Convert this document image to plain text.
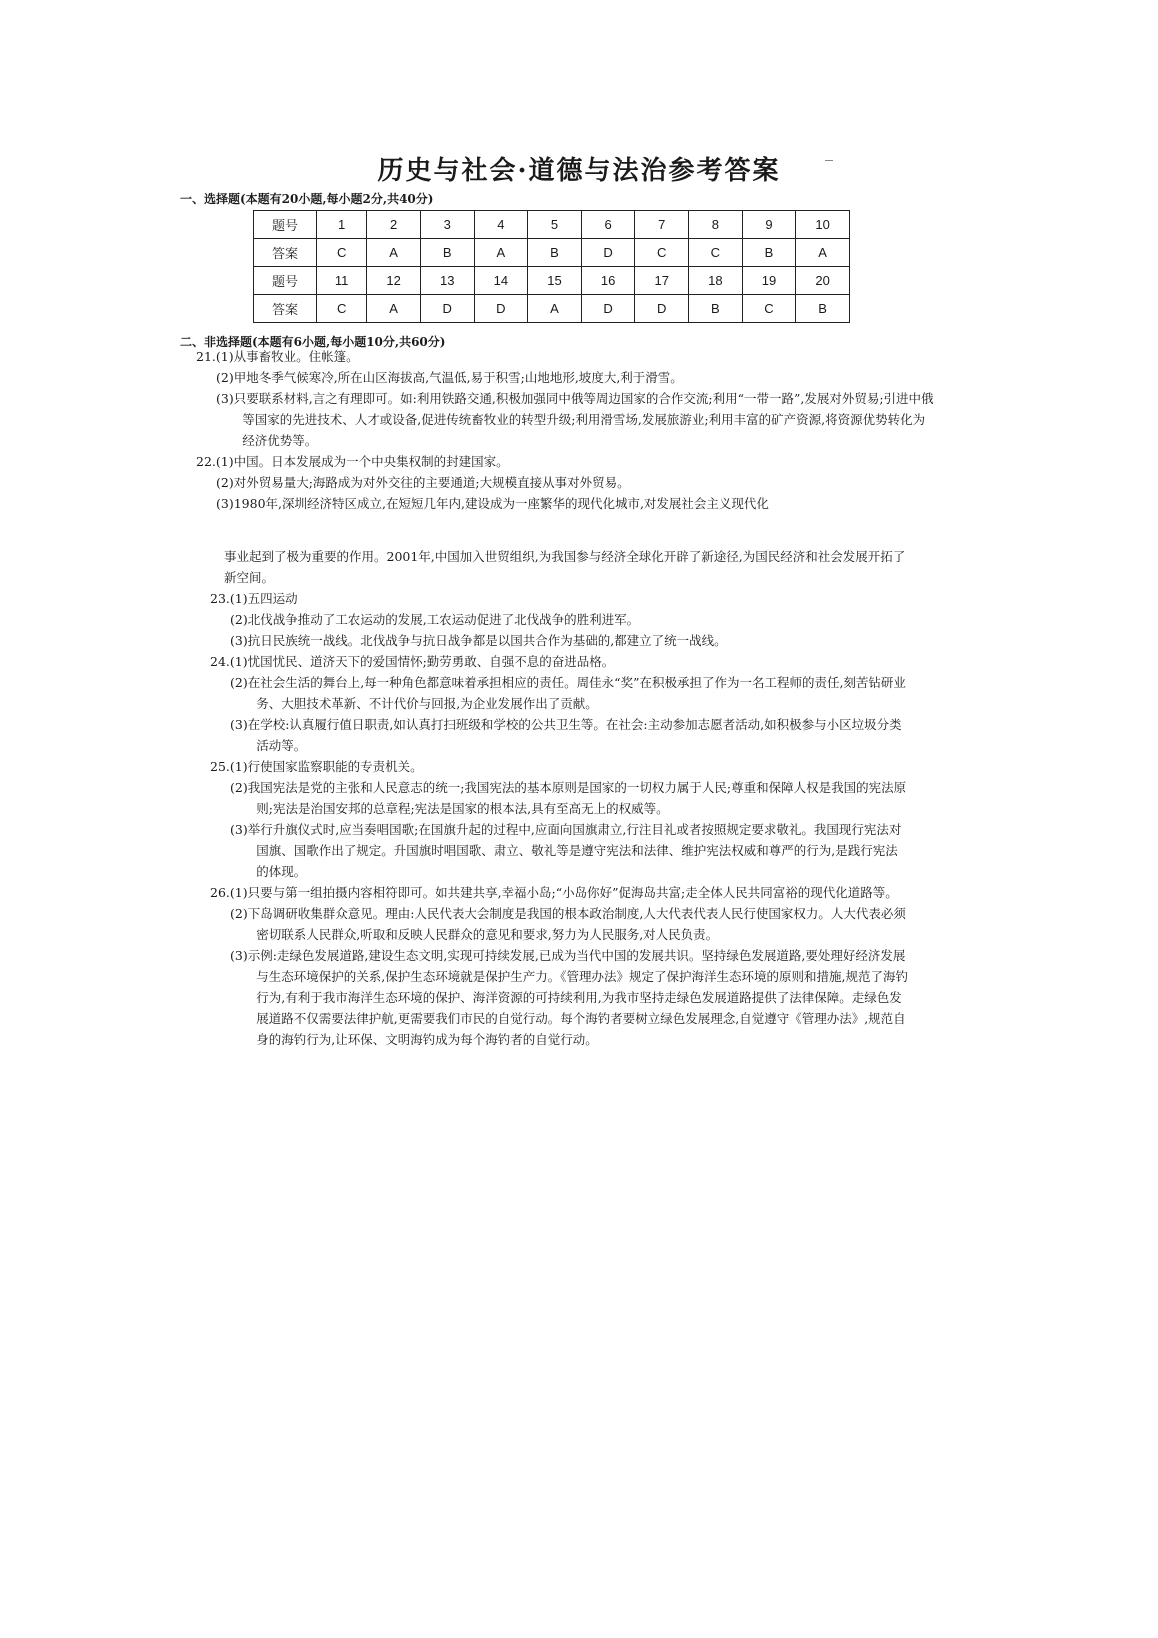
历史与社会·道德与法治参考答案
一、选择题(本题有20小题,每小题2分,共40分)
题号	1	2	3	4	5	6	7	8	9	10
答案	C	A	B	A	B	D	C	C	B	A
题号	11	12	13	14	15	16	17	18	19	20
答案	C	A	D	D	A	D	D	B	C	B
二、非选择题(本题有6小题,每小题10分,共60分)

21.(1)从事畜牧业。住帐篷。

(2)甲地冬季气候寒冷,所在山区海拔高,气温低,易于积雪;山地地形,坡度大,利于滑雪。

(3)只要联系材料,言之有理即可。如:利用铁路交通,积极加强同中俄等周边国家的合作交流;利用“一带一路”,发展对外贸易;引进中俄等国家的先进技术、人才或设备,促进传统畜牧业的转型升级;利用滑雪场,发展旅游业;利用丰富的矿产资源,将资源优势转化为经济优势等。

22.(1)中国。日本发展成为一个中央集权制的封建国家。

(2)对外贸易量大;海路成为对外交往的主要通道;大规模直接从事对外贸易。

(3)1980年,深圳经济特区成立,在短短几年内,建设成为一座繁华的现代化城市,对发展社会主义现代化

事业起到了极为重要的作用。2001年,中国加入世贸组织,为我国参与经济全球化开辟了新途径,为国民经济和社会发展开拓了新空间。

23.(1)五四运动

(2)北伐战争推动了工农运动的发展,工农运动促进了北伐战争的胜利进军。

(3)抗日民族统一战线。北伐战争与抗日战争都是以国共合作为基础的,都建立了统一战线。

24.(1)忧国忧民、道济天下的爱国情怀;勤劳勇敢、自强不息的奋进品格。

(2)在社会生活的舞台上,每一种角色都意味着承担相应的责任。周佳永“奖”在积极承担了作为一名工程师的责任,刻苦钻研业务、大胆技术革新、不计代价与回报,为企业发展作出了贡献。

(3)在学校:认真履行值日职责,如认真打扫班级和学校的公共卫生等。在社会:主动参加志愿者活动,如积极参与小区垃圾分类活动等。

25.(1)行使国家监察职能的专责机关。

(2)我国宪法是党的主张和人民意志的统一;我国宪法的基本原则是国家的一切权力属于人民;尊重和保障人权是我国的宪法原则;宪法是治国安邦的总章程;宪法是国家的根本法,具有至高无上的权威等。

(3)举行升旗仪式时,应当奏唱国歌;在国旗升起的过程中,应面向国旗肃立,行注目礼或者按照规定要求敬礼。我国现行宪法对国旗、国歌作出了规定。升国旗时唱国歌、肃立、敬礼等是遵守宪法和法律、维护宪法权威和尊严的行为,是践行宪法的体现。

26.(1)只要与第一组拍摄内容相符即可。如共建共享,幸福小岛;“小岛你好”促海岛共富;走全体人民共同富裕的现代化道路等。

(2)下岛调研收集群众意见。理由:人民代表大会制度是我国的根本政治制度,人大代表代表人民行使国家权力。人大代表必须密切联系人民群众,听取和反映人民群众的意见和要求,努力为人民服务,对人民负责。

(3)示例:走绿色发展道路,建设生态文明,实现可持续发展,已成为当代中国的发展共识。坚持绿色发展道路,要处理好经济发展与生态环境保护的关系,保护生态环境就是保护生产力。《管理办法》规定了保护海洋生态环境的原则和措施,规范了海钓行为,有利于我市海洋生态环境的保护、海洋资源的可持续利用,为我市坚持走绿色发展道路提供了法律保障。走绿色发展道路不仅需要法律护航,更需要我们市民的自觉行动。每个海钓者要树立绿色发展理念,自觉遵守《管理办法》,规范自身的海钓行为,让环保、文明海钓成为每个海钓者的自觉行动。
